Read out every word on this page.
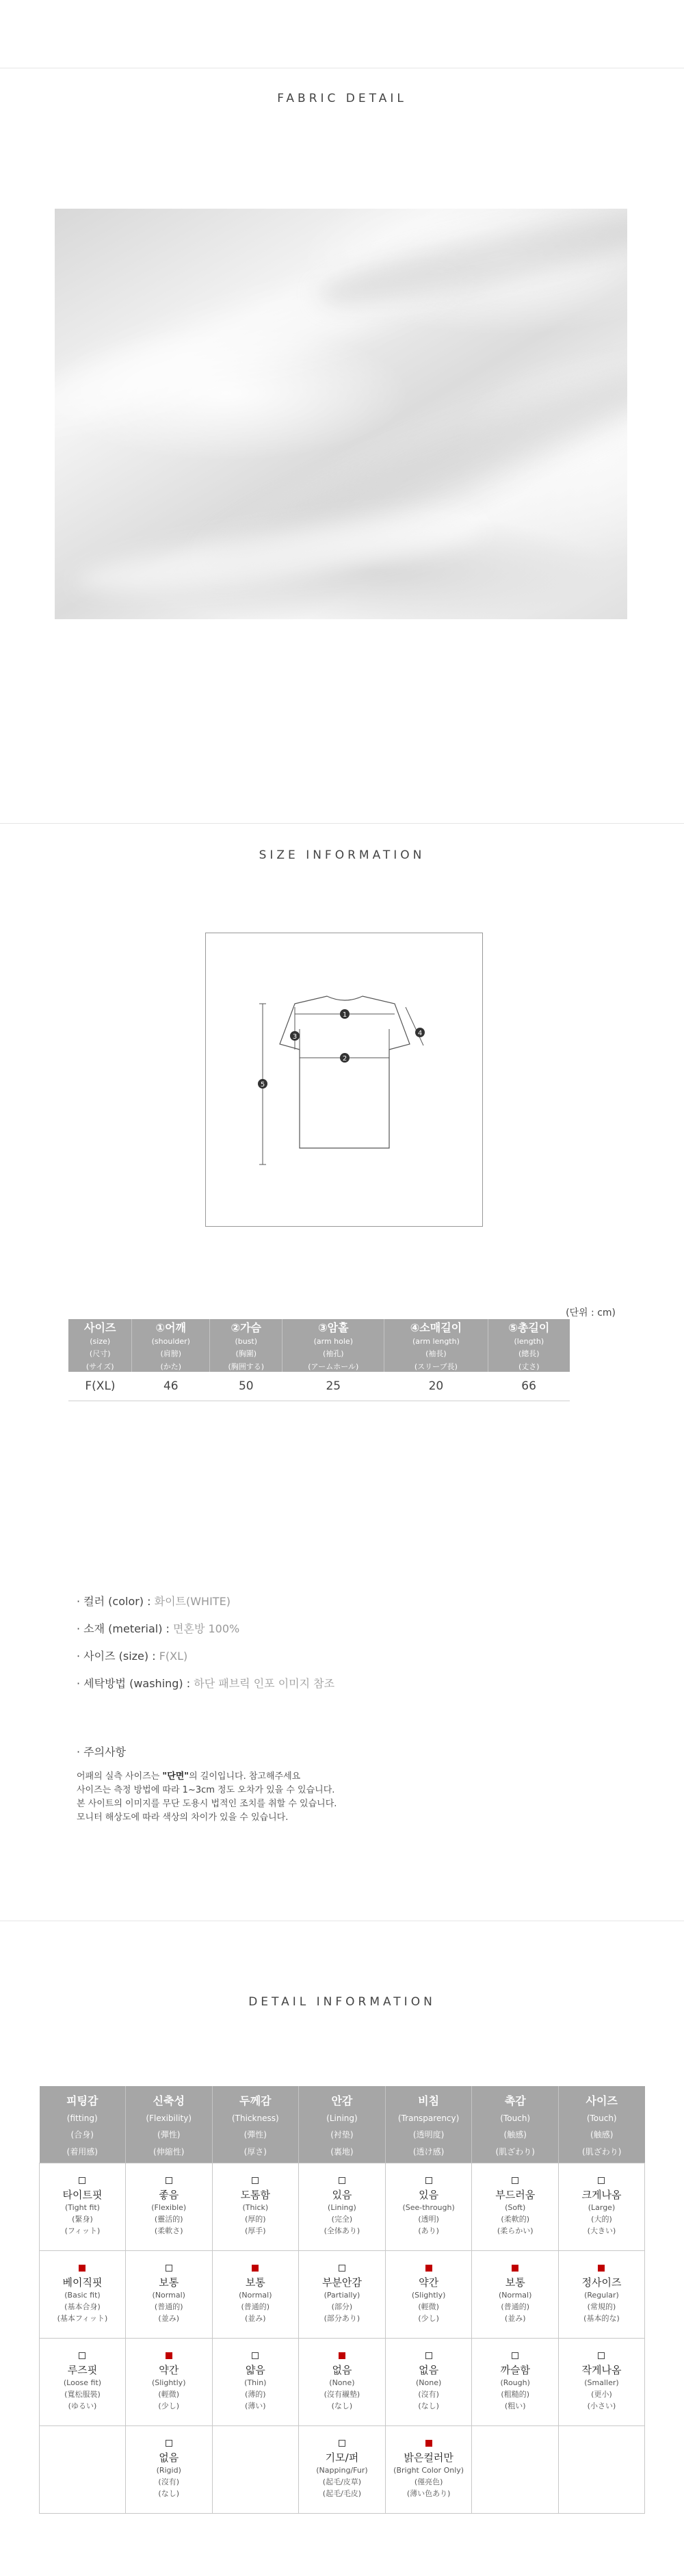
FABRIC DETAIL
SIZE INFORMATION
1
2
3	4
5
(단위 : cm)
사이즈
(size)
(尺寸)
(サイズ)	①어깨
(shoulder)
(肩膀)
(かた)	②가슴
(bust)
(胸圍)
(胸囲する)	③암홀
(arm hole)
(袖孔)
(アームホール)	④소매길이
(arm length)
(袖長)
(スリーブ長)	⑤총길이
(length)
(總長)
(丈さ)

F(XL)	46	50	25	20	66
· 컬러 (color) : 화이트(WHITE)
· 소재 (meterial) : 면혼방 100%
· 사이즈 (size) : F(XL)
· 세탁방법 (washing) : 하단 패브릭 인포 이미지 참조
· 주의사항

어패의 실측 사이즈는 "단면"의 길이입니다. 참고해주세요

사이즈는 측정 방법에 따라 1~3cm 정도 오차가 있을 수 있습니다.

본 사이트의 이미지를 무단 도용시 법적인 조치를 취할 수 있습니다.

모니터 해상도에 따라 색상의 차이가 있을 수 있습니다.

DETAIL INFORMATION
피팅감
(fitting)
(合身)
(着用感)	신축성
(Flexibility)
(彈性)
(伸縮性)	두께감
(Thickness)
(彈性)
(厚さ)	안감
(Lining)
(衬垫)
(裏地)	비침
(Transparency)
(透明度)
(透け感)	촉감
(Touch)
(触感)
(肌ざわり)	사이즈
(Touch)
(触感)
(肌ざわり)

타이트핏
(Tight fit)
(緊身)
(フィット)	좋음
(Flexible)
(靈活的)
(柔軟さ)	도톰함
(Thick)
(厚的)
(厚手)	있음
(Lining)
(完全)
(全体あり)	있음
(See-through)
(透明)
(あり)	부드러움
(Soft)
(柔軟的)
(柔らかい)	크게나옴
(Large)
(大的)
(大きい)

베이직핏
(Basic fit)
(基本合身)
(基本フィット)	보통
(Normal)
(普通的)
(並み)	보통
(Normal)
(普通的)
(並み)	부분안감
(Partially)
(部分)
(部分あり)	약간
(Slightly)
(輕微)
(少し)	보통
(Normal)
(普通的)
(並み)	정사이즈
(Regular)
(常規的)
(基本的な)

루즈핏
(Loose fit)
(寬松服裝)
(ゆるい)	약간
(Slightly)
(輕微)
(少し)	얇음
(Thin)
(薄的)
(薄い)	없음
(None)
(沒有襯墊)
(なし)	없음
(None)
(沒有)
(なし)	까슬함
(Rough)
(粗糙的)
(粗い)	작게나옴
(Smaller)
(更小)
(小さい)

	없음
(Rigid)
(沒有)
(なし)		기모/퍼
(Napping/Fur)
(起毛/皮草)
(起毛/毛皮)	밝은컬러만
(Bright Color Only)
(僅亮色)
(薄い色あり)		
